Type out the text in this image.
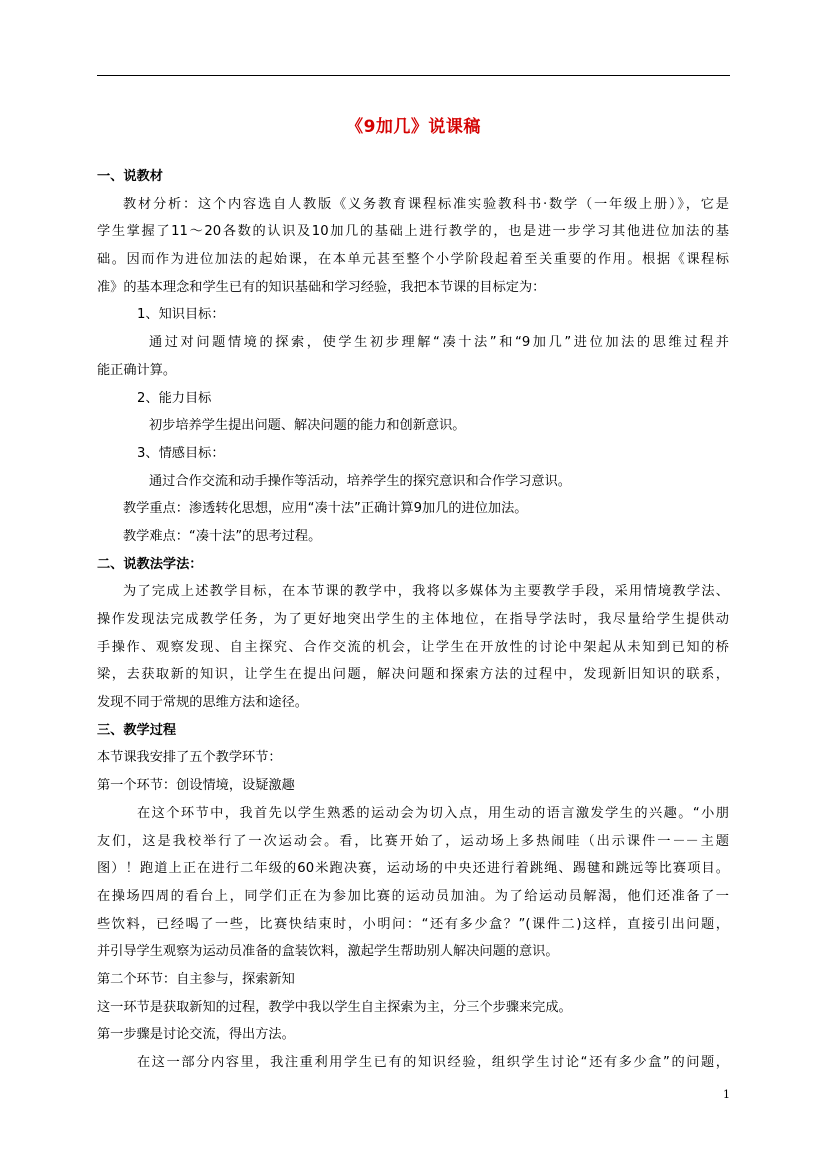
《9加几》说课稿
一、说教材
教材分析：这个内容选自人教版《义务教育课程标准实验教科书·数学（一年级上册）》，它是
学生掌握了11～20各数的认识及10加几的基础上进行教学的，也是进一步学习其他进位加法的基
础。因而作为进位加法的起始课，在本单元甚至整个小学阶段起着至关重要的作用。根据《课程标
准》的基本理念和学生已有的知识基础和学习经验，我把本节课的目标定为：
1、知识目标：
通过对问题情境的探索，使学生初步理解“凑十法”和“9加几”进位加法的思维过程并
能正确计算。
2、能力目标
初步培养学生提出问题、解决问题的能力和创新意识。
3、情感目标：
通过合作交流和动手操作等活动，培养学生的探究意识和合作学习意识。
教学重点：渗透转化思想，应用“凑十法”正确计算9加几的进位加法。
教学难点：“凑十法”的思考过程。
二、说教法学法：
为了完成上述教学目标，在本节课的教学中，我将以多媒体为主要教学手段，采用情境教学法、
操作发现法完成教学任务，为了更好地突出学生的主体地位，在指导学法时，我尽量给学生提供动
手操作、观察发现、自主探究、合作交流的机会，让学生在开放性的讨论中架起从未知到已知的桥
梁，去获取新的知识，让学生在提出问题，解决问题和探索方法的过程中，发现新旧知识的联系，
发现不同于常规的思维方法和途径。
三、教学过程
本节课我安排了五个教学环节：
第一个环节：创设情境，设疑激趣
在这个环节中，我首先以学生熟悉的运动会为切入点，用生动的语言激发学生的兴趣。“小朋
友们，这是我校举行了一次运动会。看，比赛开始了，运动场上多热闹哇（出示课件一－－主题
图）！跑道上正在进行二年级的60米跑决赛，运动场的中央还进行着跳绳、踢毽和跳远等比赛项目。
在操场四周的看台上，同学们正在为参加比赛的运动员加油。为了给运动员解渴，他们还准备了一
些饮料，已经喝了一些，比赛快结束时，小明问：“还有多少盒？”(课件二)这样，直接引出问题，
并引导学生观察为运动员准备的盒装饮料，激起学生帮助别人解决问题的意识。
第二个环节：自主参与，探索新知
这一环节是获取新知的过程，教学中我以学生自主探索为主，分三个步骤来完成。
第一步骤是讨论交流，得出方法。
在这一部分内容里，我注重利用学生已有的知识经验，组织学生讨论“还有多少盒”的问题，
1
